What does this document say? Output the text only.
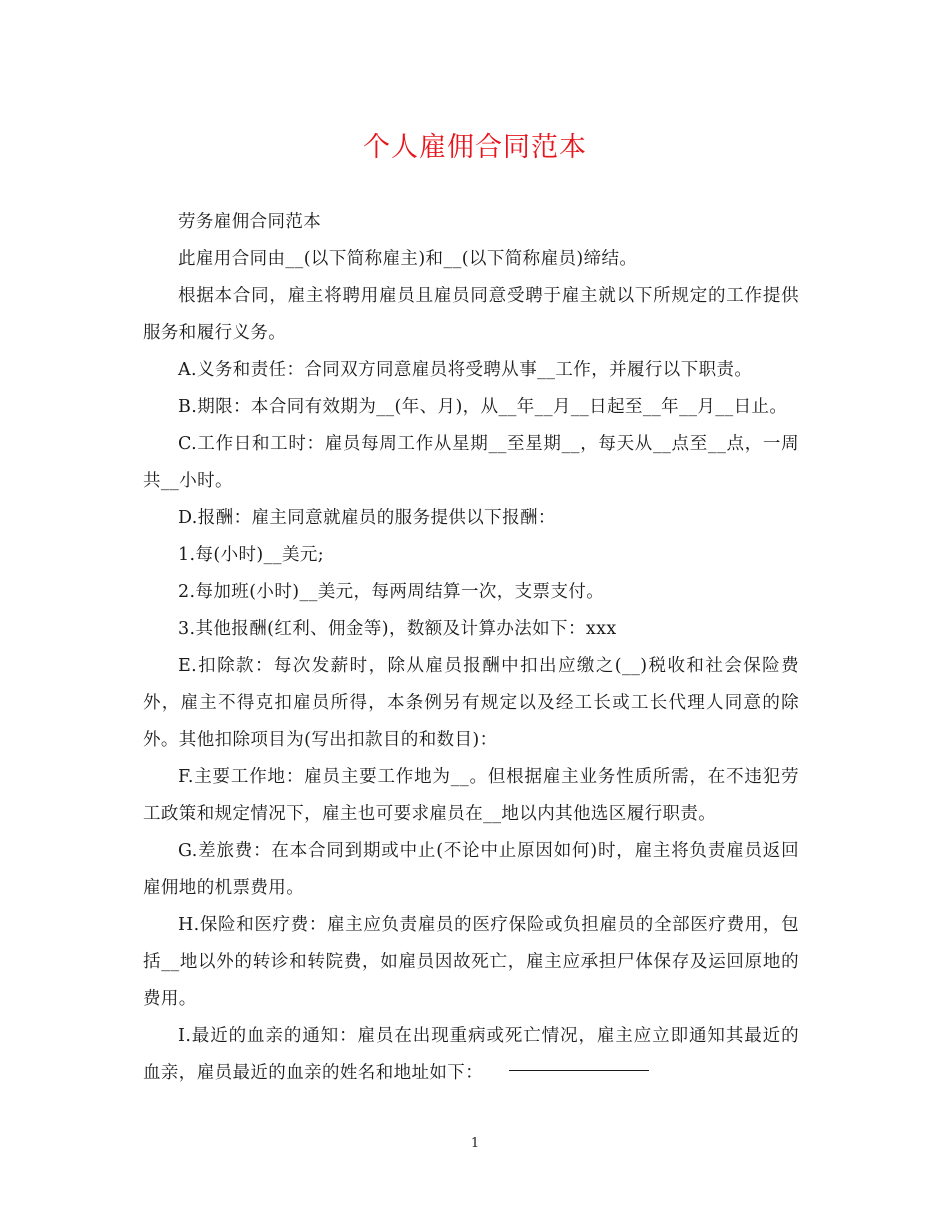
个人雇佣合同范本

劳务雇佣合同范本

此雇用合同由__(以下简称雇主)和__(以下简称雇员)缔结。

根据本合同，雇主将聘用雇员且雇员同意受聘于雇主就以下所规定的工作提供服务和履行义务。

A.义务和责任：合同双方同意雇员将受聘从事__工作，并履行以下职责。

B.期限：本合同有效期为__(年、月)，从__年__月__日起至__年__月__日止。

C.工作日和工时：雇员每周工作从星期__至星期__，每天从__点至__点，一周共__小时。

D.报酬：雇主同意就雇员的服务提供以下报酬：

1.每(小时)__美元;

2.每加班(小时)__美元，每两周结算一次，支票支付。

3.其他报酬(红利、佣金等)，数额及计算办法如下：xxx

E.扣除款：每次发薪时，除从雇员报酬中扣出应缴之(__)税收和社会保险费外，雇主不得克扣雇员所得，本条例另有规定以及经工长或工长代理人同意的除外。其他扣除项目为(写出扣款目的和数目)：

F.主要工作地：雇员主要工作地为__。但根据雇主业务性质所需，在不违犯劳工政策和规定情况下，雇主也可要求雇员在__地以内其他选区履行职责。

G.差旅费：在本合同到期或中止(不论中止原因如何)时，雇主将负责雇员返回雇佣地的机票费用。

H.保险和医疗费：雇主应负责雇员的医疗保险或负担雇员的全部医疗费用，包括__地以外的转诊和转院费，如雇员因故死亡，雇主应承担尸体保存及运回原地的费用。

I.最近的血亲的通知：雇员在出现重病或死亡情况，雇主应立即通知其最近的血亲，雇员最近的血亲的姓名和地址如下：

1
